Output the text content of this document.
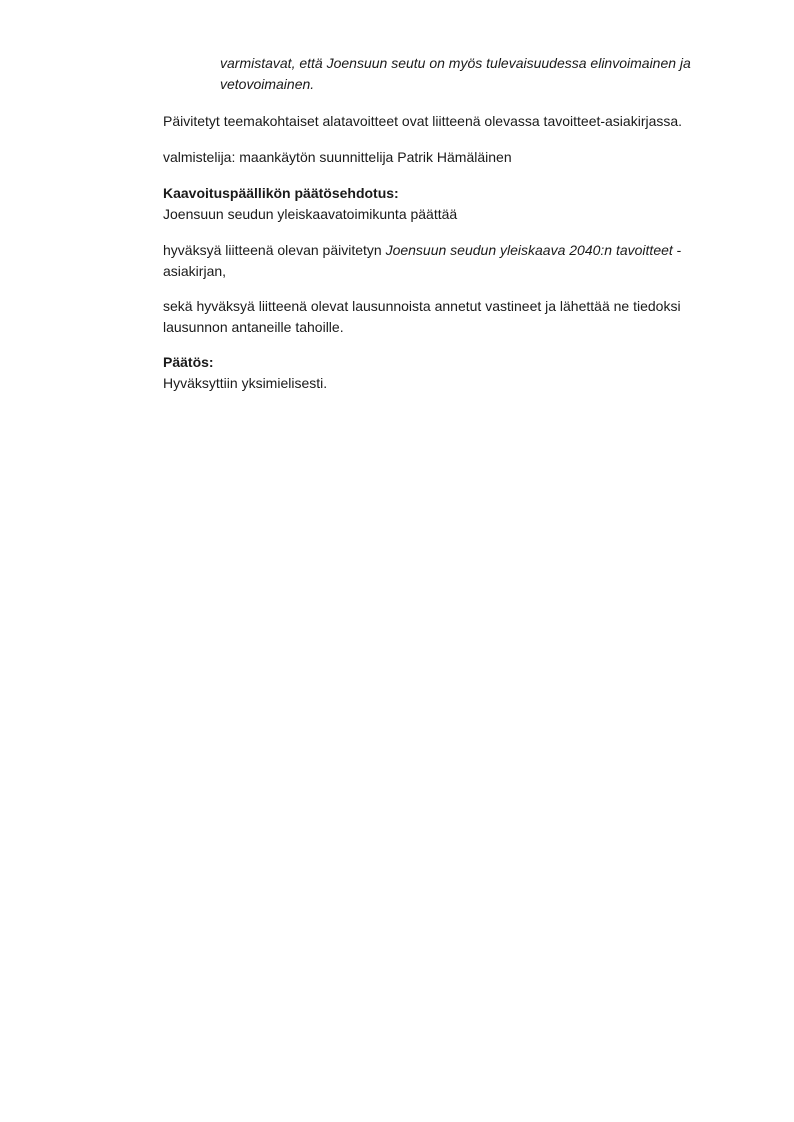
varmistavat, että Joensuun seutu on myös tulevaisuudessa elinvoimainen ja

vetovoimainen.

Päivitetyt teemakohtaiset alatavoitteet ovat liitteenä olevassa tavoitteet-asiakirjassa.

valmistelija: maankäytön suunnittelija Patrik Hämäläinen

Kaavoituspäällikön päätösehdotus:

Joensuun seudun yleiskaavatoimikunta päättää

hyväksyä liitteenä olevan päivitetyn Joensuun seudun yleiskaava 2040:n tavoitteet -

asiakirjan,

sekä hyväksyä liitteenä olevat lausunnoista annetut vastineet ja lähettää ne tiedoksi

lausunnon antaneille tahoille.

Päätös:

Hyväksyttiin yksimielisesti.
